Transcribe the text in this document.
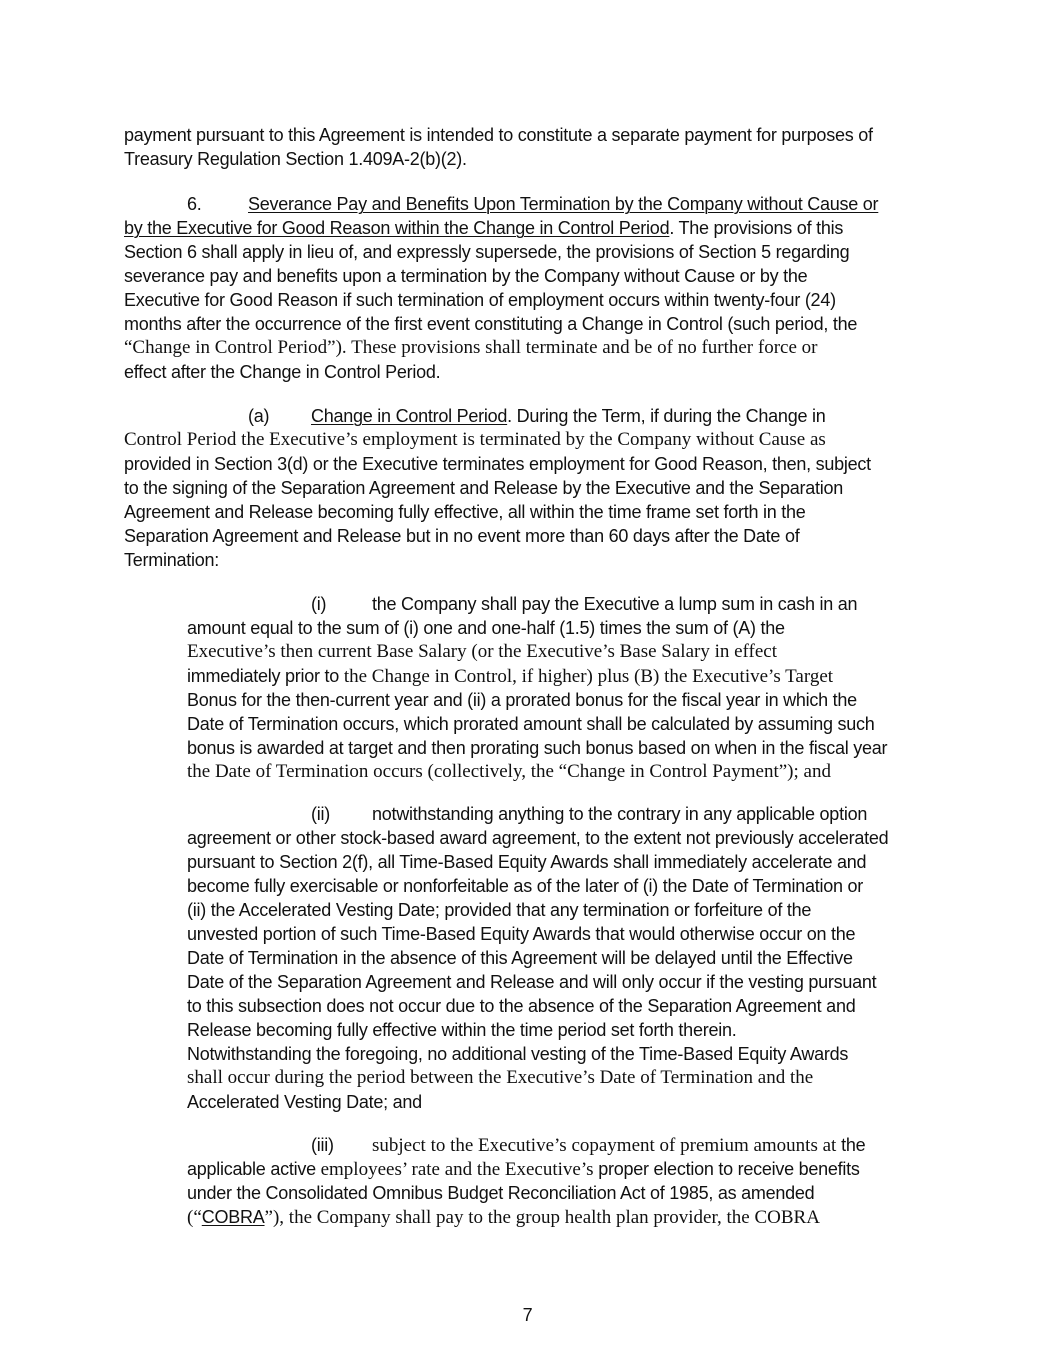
payment pursuant to this Agreement is intended to constitute a separate payment for purposes of

Treasury Regulation Section 1.409A-2(b)(2).

6.	Severance Pay and Benefits Upon Termination by the Company without Cause or

by the Executive for Good Reason within the Change in Control Period. The provisions of this

Section 6 shall apply in lieu of, and expressly supersede, the provisions of Section 5 regarding

severance pay and benefits upon a termination by the Company without Cause or by the

Executive for Good Reason if such termination of employment occurs within twenty-four (24)

months after the occurrence of the first event constituting a Change in Control (such period, the

“Change in Control Period”). These provisions shall terminate and be of no further force or

effect after the Change in Control Period.

(a) Change in Control Period. During the Term, if during the Change in

Control Period the Executive’s employment is terminated by the Company without Cause as

provided in Section 3(d) or the Executive terminates employment for Good Reason, then, subject

to the signing of the Separation Agreement and Release by the Executive and the Separation

Agreement and Release becoming fully effective, all within the time frame set forth in the

Separation Agreement and Release but in no event more than 60 days after the Date of

Termination:

(i)	the Company shall pay the Executive a lump sum in cash in an

amount equal to the sum of (i) one and one-half (1.5) times the sum of (A) the

Executive’s then current Base Salary (or the Executive’s Base Salary in effect

immediately prior to the Change in Control, if higher) plus (B) the Executive’s Target

Bonus for the then-current year and (ii) a prorated bonus for the fiscal year in which the

Date of Termination occurs, which prorated amount shall be calculated by assuming such

bonus is awarded at target and then prorating such bonus based on when in the fiscal year

the Date of Termination occurs (collectively, the “Change in Control Payment”); and

(ii) notwithstanding anything to the contrary in any applicable option

agreement or other stock-based award agreement, to the extent not previously accelerated

pursuant to Section 2(f), all Time-Based Equity Awards shall immediately accelerate and

become fully exercisable or nonforfeitable as of the later of (i) the Date of Termination or

(ii) the Accelerated Vesting Date; provided that any termination or forfeiture of the

unvested portion of such Time-Based Equity Awards that would otherwise occur on the

Date of Termination in the absence of this Agreement will be delayed until the Effective

Date of the Separation Agreement and Release and will only occur if the vesting pursuant

to this subsection does not occur due to the absence of the Separation Agreement and

Release becoming fully effective within the time period set forth therein.

Notwithstanding the foregoing, no additional vesting of the Time-Based Equity Awards

shall occur during the period between the Executive’s Date of Termination and the

Accelerated Vesting Date; and

(iii) subject to the Executive’s copayment of premium amounts at the

applicable active employees’ rate and the Executive’s proper election to receive benefits

under the Consolidated Omnibus Budget Reconciliation Act of 1985, as amended

(“COBRA”), the Company shall pay to the group health plan provider, the COBRA

7
